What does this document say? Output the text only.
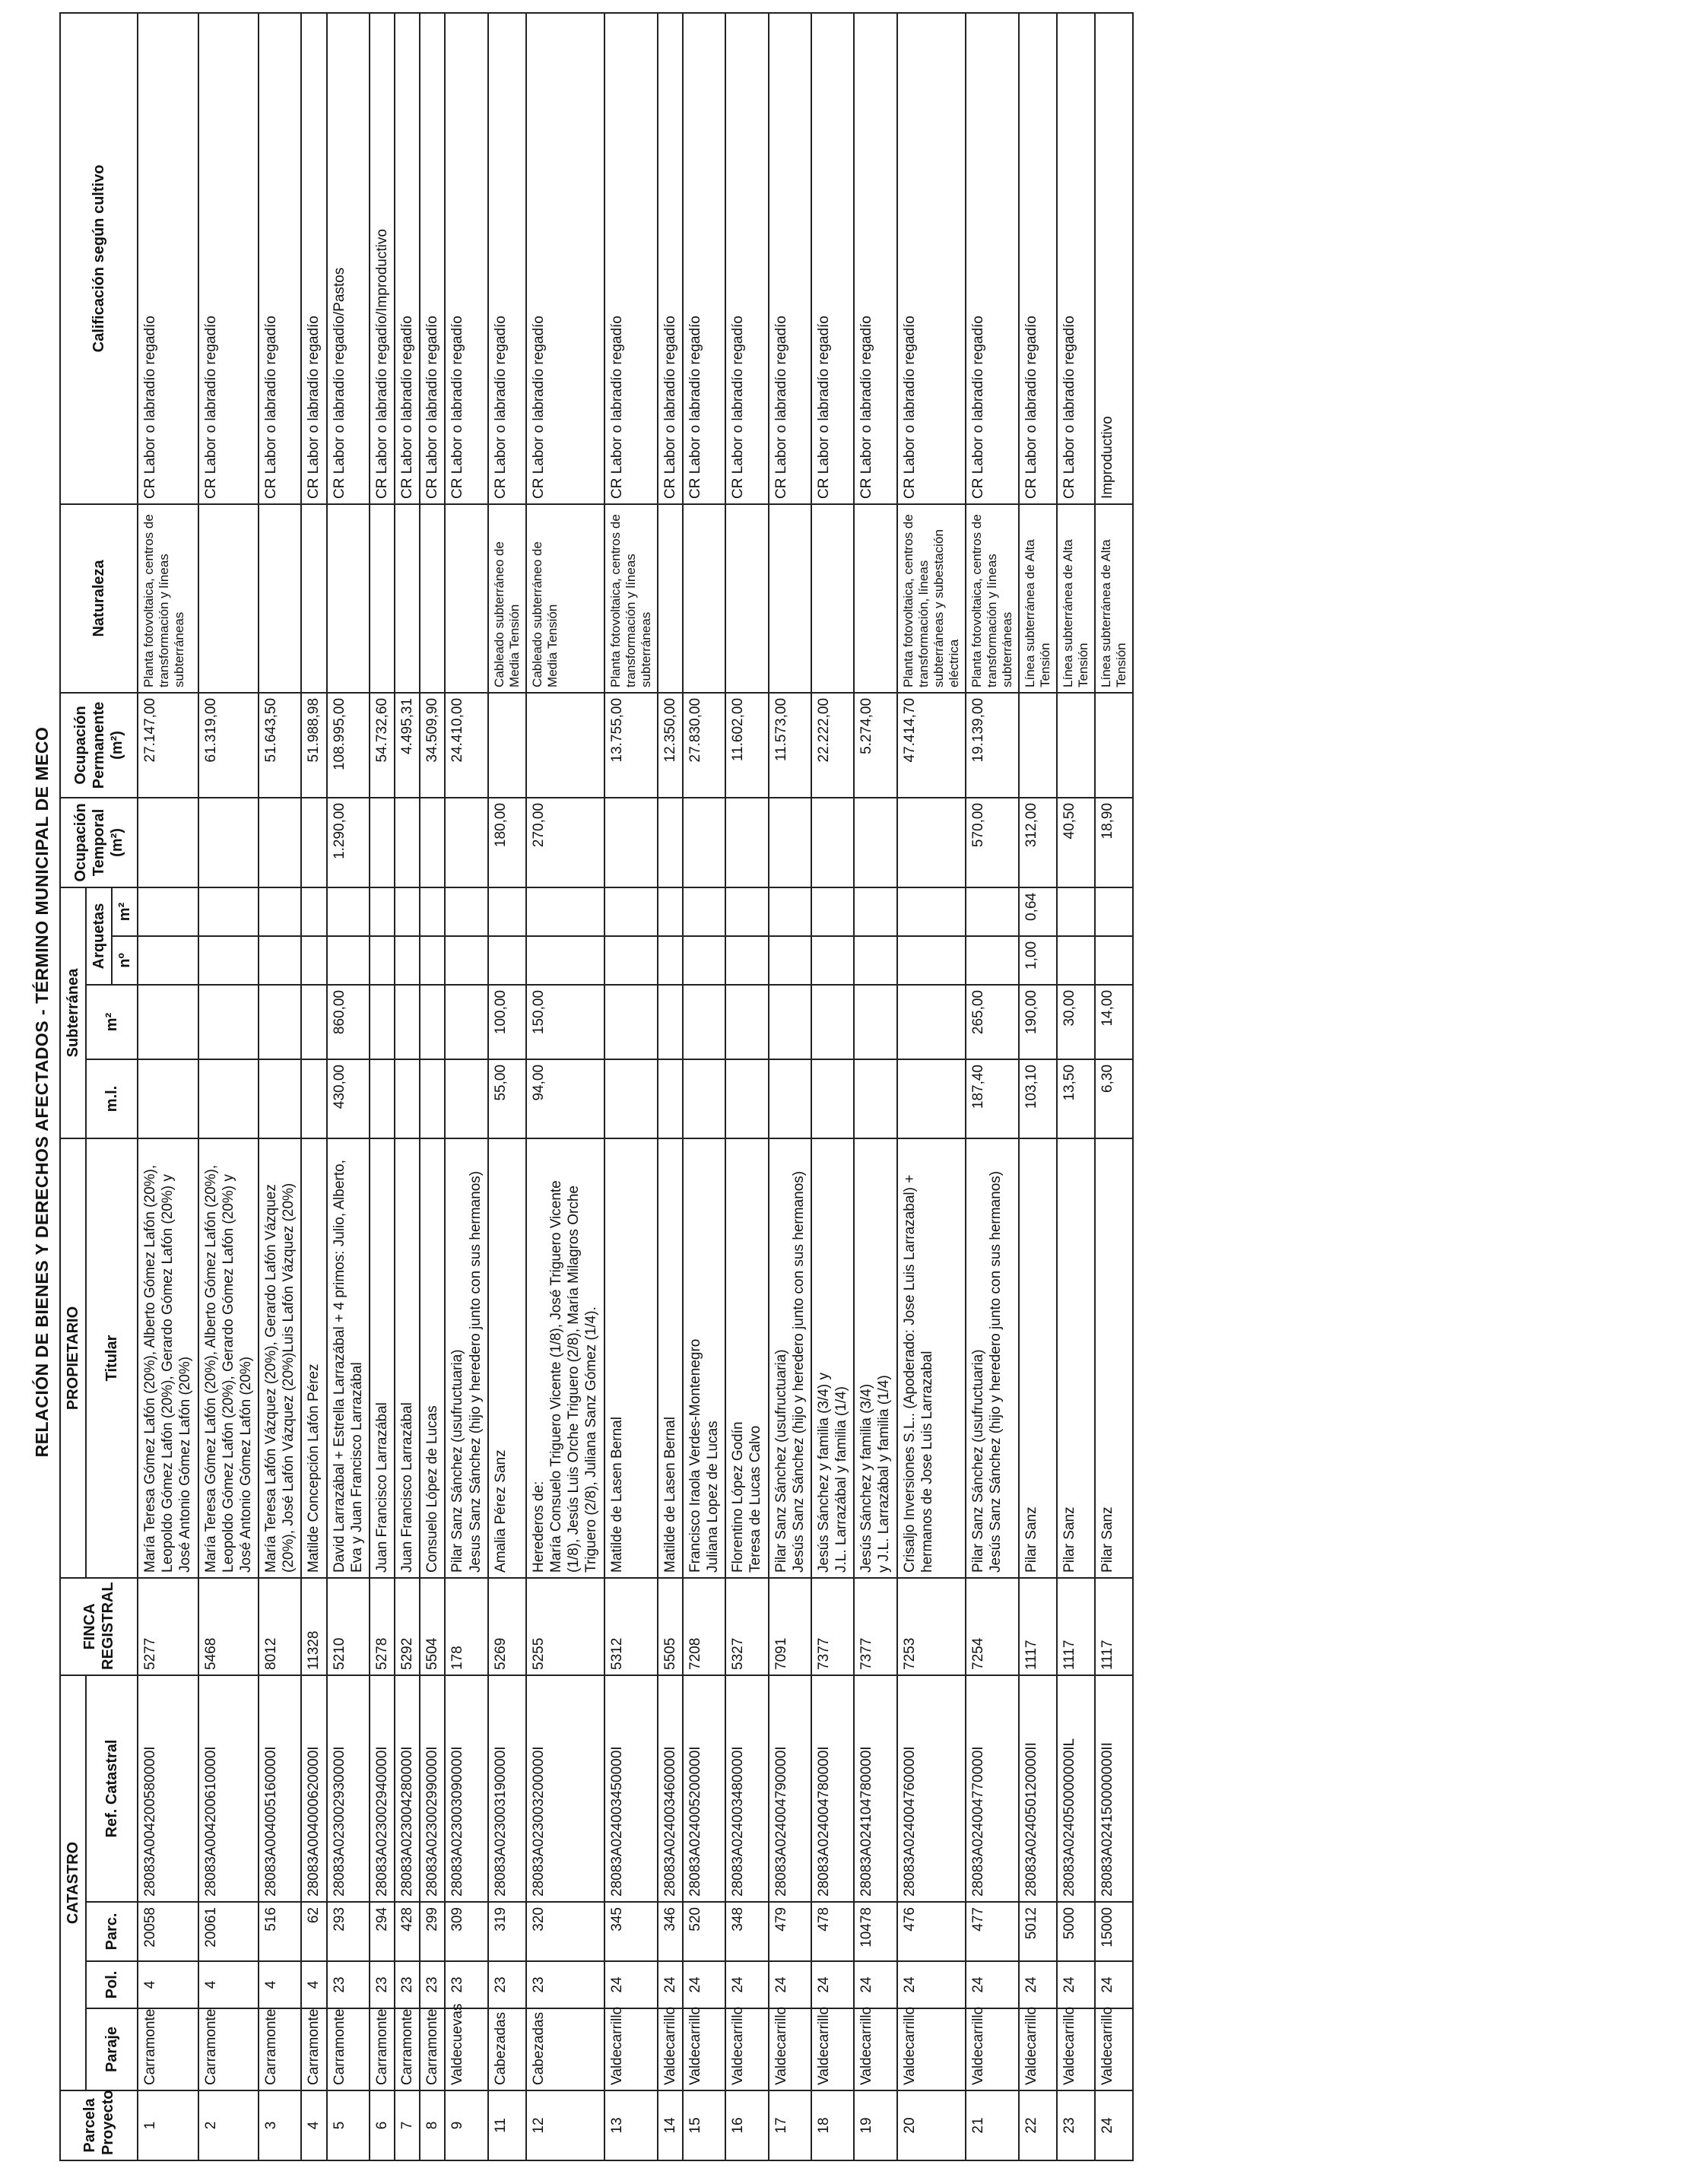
RELACIÓN DE BIENES Y DERECHOS AFECTADOS - TÉRMINO MUNICIPAL DE MECO
Parcela Proyecto	CATASTRO				FINCA REGISTRAL	PROPIETARIO	Subterránea				Ocupación Temporal (m²)	Ocupación Permanente (m²)	Naturaleza	Calificación según cultivo
	Paraje	Pol.	Parc.	Ref. Catastral		Titular	m.l.	m²	Arquetas					
									nº	m²				
1	Carramonte	4	20058	28083A004200580000I	5277	María Teresa Gómez Lafón (20%), Alberto Gómez Lafón (20%), Leopoldo Gómez Lafón (20%), Gerardo Gómez Lafón (20%) y José Antonio Gómez Lafón (20%)						27.147,00	Planta fotovoltaica, centros de transformación y líneas subterráneas	CR Labor o labradío regadío
2	Carramonte	4	20061	28083A004200610000I	5468	María Teresa Gómez Lafón (20%), Alberto Gómez Lafón (20%), Leopoldo Gómez Lafón (20%), Gerardo Gómez Lafón (20%) y José Antonio Gómez Lafón (20%)						61.319,00		CR Labor o labradío regadío
3	Carramonte	4	516	28083A004005160000I	8012	María Teresa Lafón Vázquez (20%), Gerardo Lafón Vázquez (20%), José Lafón Vázquez (20%)Luis Lafón Vázquez (20%)						51.643,50		CR Labor o labradío regadío
4	Carramonte	4	62	28083A004000620000I	11328	Matilde Concepción Lafón Pérez						51.988,98		CR Labor o labradío regadío
5	Carramonte	23	293	28083A023002930000I	5210	David Larrazábal + Estrella Larrazábal + 4 primos: Julio, Alberto, Eva y Juan Francisco Larrazábal	430,00	860,00			1.290,00	108.995,00		CR Labor o labradío regadío/Pastos
6	Carramonte	23	294	28083A023002940000I	5278	Juan Francisco Larrazábal						54.732,60		CR Labor o labradío regadío/Improductivo
7	Carramonte	23	428	28083A023004280000I	5292	Juan Francisco Larrazábal						4.495,31		CR Labor o labradío regadío
8	Carramonte	23	299	28083A023002990000I	5504	Consuelo López de Lucas						34.509,90		CR Labor o labradío regadío
9	Valdecuevas	23	309	28083A023003090000I	178	Pilar Sanz Sánchez (usufructuaria)
Jesus Sanz Sánchez (hijo y heredero junto con sus hermanos)						24.410,00		CR Labor o labradío regadío
11	Cabezadas	23	319	28083A023003190000I	5269	Amalia Pérez Sanz	55,00	100,00			180,00		Cableado subterráneo de Media Tensión	CR Labor o labradío regadío
12	Cabezadas	23	320	28083A023003200000I	5255	Herederos de:
María Consuelo Triguero Vicente (1/8), José Triguero Vicente (1/8), Jesús Luis Orche Triguero (2/8), María Milagros Orche Triguero (2/8), Juliana Sanz Gómez (1/4).	94,00	150,00			270,00		Cableado subterráneo de Media Tensión	CR Labor o labradío regadío
13	Valdecarrillo	24	345	28083A024003450000I	5312	Matilde de Lasen Bernal						13.755,00	Planta fotovoltaica, centros de transformación y líneas subterráneas	CR Labor o labradío regadío
14	Valdecarrillo	24	346	28083A024003460000I	5505	Matilde de Lasen Bernal						12.350,00		CR Labor o labradío regadío
15	Valdecarrillo	24	520	28083A024005200000I	7208	Francisco Iraola Verdes-Montenegro
Juliana Lopez de Lucas						27.830,00		CR Labor o labradío regadío
16	Valdecarrillo	24	348	28083A024003480000I	5327	Florentino López Godín
Teresa de Lucas Calvo						11.602,00		CR Labor o labradío regadío
17	Valdecarrillo	24	479	28083A024004790000I	7091	Pilar Sanz Sánchez (usufructuaria)
Jesús Sanz Sánchez (hijo y heredero junto con sus hermanos)						11.573,00		CR Labor o labradío regadío
18	Valdecarrillo	24	478	28083A024004780000I	7377	Jesús Sánchez y familia (3/4) y
J.L. Larrazábal y familia (1/4)						22.222,00		CR Labor o labradío regadío
19	Valdecarrillo	24	10478	28083A024104780000I	7377	Jesús Sánchez y familia (3/4)
y J.L. Larrazábal y familia (1/4)						5.274,00		CR Labor o labradío regadío
20	Valdecarrillo	24	476	28083A024004760000I	7253	Crisaljo Inversiones S.L.. (Apoderado: Jose Luis Larrazabal) + hermanos de Jose Luis Larrazabal						47.414,70	Planta fotovoltaica, centros de transformación, líneas subterráneas y subestación eléctrica	CR Labor o labradío regadío
21	Valdecarrillo	24	477	28083A024004770000I	7254	Pilar Sanz Sánchez (usufructuaria)
Jesús Sanz Sánchez (hijo y heredero junto con sus hermanos)	187,40	265,00			570,00	19.139,00	Planta fotovoltaica, centros de transformación y líneas subterráneas	CR Labor o labradío regadío
22	Valdecarrillo	24	5012	28083A024050120000II	1117	Pilar Sanz	103,10	190,00	1,00	0,64	312,00		Línea subterránea de Alta Tensión	CR Labor o labradío regadío
23	Valdecarrillo	24	5000	28083A024050000000IL	1117	Pilar Sanz	13,50	30,00			40,50		Línea subterránea de Alta Tensión	CR Labor o labradío regadío
24	Valdecarrillo	24	15000	28083A024150000000II	1117	Pilar Sanz	6,30	14,00			18,90		Línea subterránea de Alta Tensión	Improductivo
